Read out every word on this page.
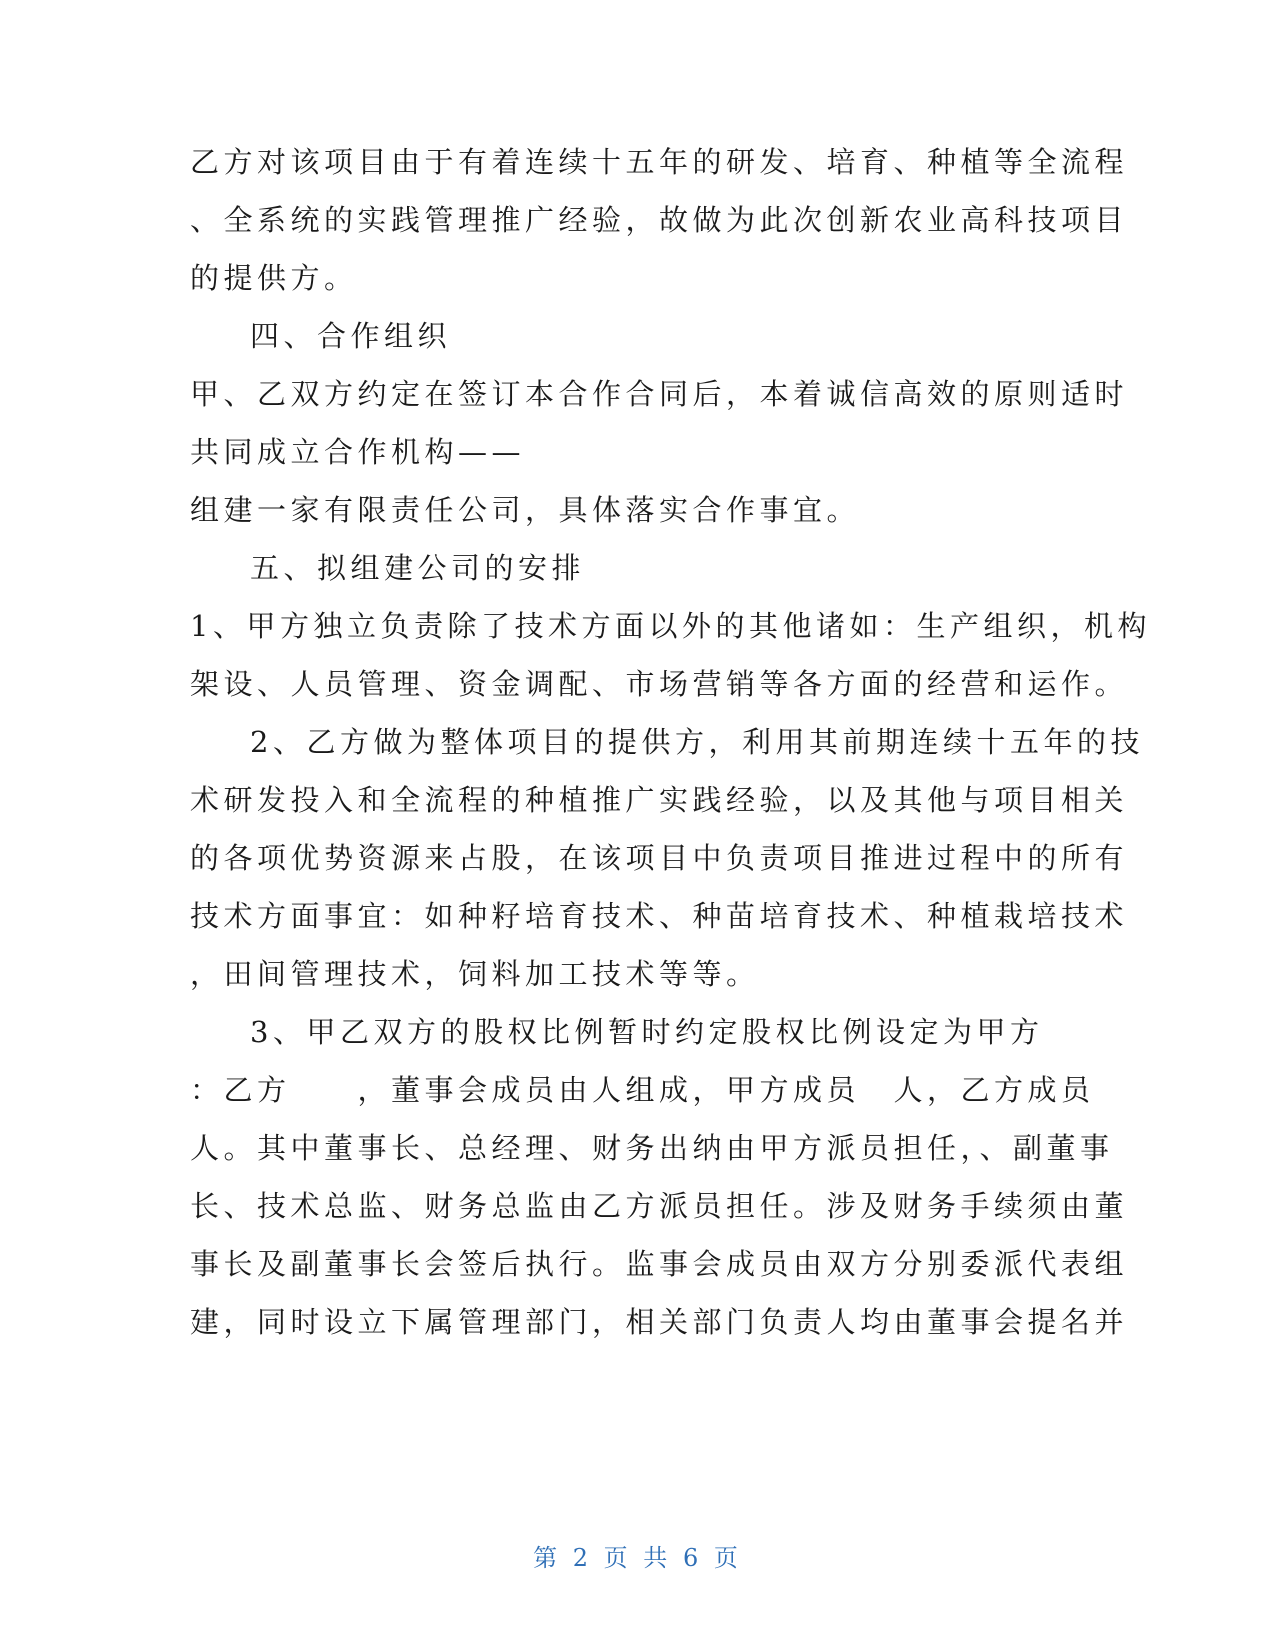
乙方对该项目由于有着连续十五年的研发、培育、种植等全流程
、全系统的实践管理推广经验，故做为此次创新农业高科技项目
的提供方。
四、合作组织
甲、乙双方约定在签订本合作合同后，本着诚信高效的原则适时
共同成立合作机构——
组建一家有限责任公司，具体落实合作事宜。
五、拟组建公司的安排
1、甲方独立负责除了技术方面以外的其他诸如：生产组织，机构
架设、人员管理、资金调配、市场营销等各方面的经营和运作。
2、乙方做为整体项目的提供方，利用其前期连续十五年的技
术研发投入和全流程的种植推广实践经验，以及其他与项目相关
的各项优势资源来占股，在该项目中负责项目推进过程中的所有
技术方面事宜：如种籽培育技术、种苗培育技术、种植栽培技术
，田间管理技术，饲料加工技术等等。
3、甲乙双方的股权比例暂时约定股权比例设定为甲方
：乙方　　，董事会成员由人组成，甲方成员　人，乙方成员
人。其中董事长、总经理、财务出纳由甲方派员担任，、副董事
长、技术总监、财务总监由乙方派员担任。涉及财务手续须由董
事长及副董事长会签后执行。监事会成员由双方分别委派代表组
建，同时设立下属管理部门，相关部门负责人均由董事会提名并
第 2 页 共 6 页
